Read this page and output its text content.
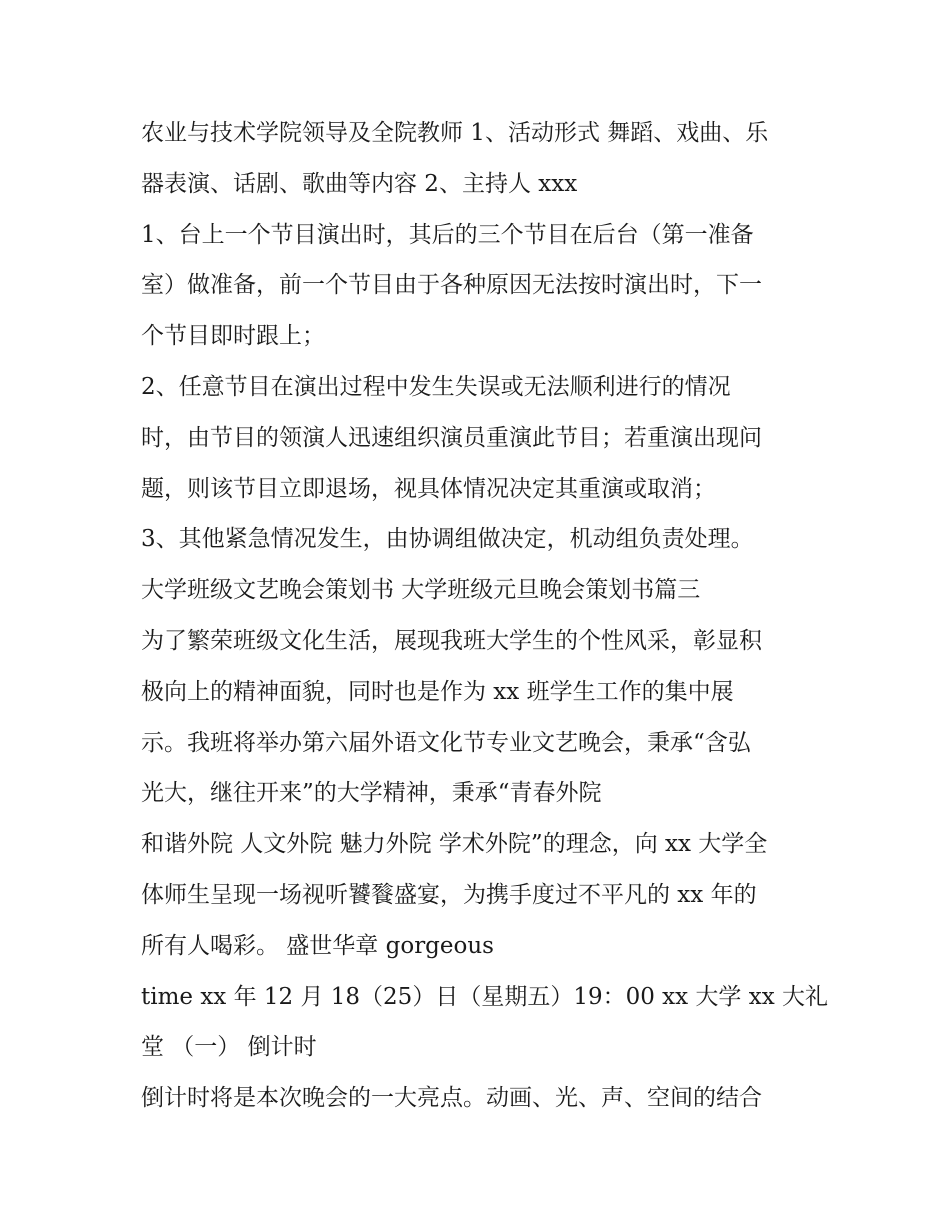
农业与技术学院领导及全院教师 1、活动形式 舞蹈、戏曲、乐
器表演、话剧、歌曲等内容 2、主持人 xxx
1、台上一个节目演出时，其后的三个节目在后台（第一准备
室）做准备，前一个节目由于各种原因无法按时演出时，下一
个节目即时跟上；
2、任意节目在演出过程中发生失误或无法顺利进行的情况
时，由节目的领演人迅速组织演员重演此节目；若重演出现问
题，则该节目立即退场，视具体情况决定其重演或取消；
3、其他紧急情况发生，由协调组做决定，机动组负责处理。
大学班级文艺晚会策划书 大学班级元旦晚会策划书篇三
为了繁荣班级文化生活，展现我班大学生的个性风采，彰显积
极向上的精神面貌，同时也是作为 xx 班学生工作的集中展
示。我班将举办第六届外语文化节专业文艺晚会，秉承“含弘
光大，继往开来”的大学精神，秉承“青春外院
和谐外院 人文外院 魅力外院 学术外院”的理念，向 xx 大学全
体师生呈现一场视听饕餮盛宴，为携手度过不平凡的 xx 年的
所有人喝彩。 盛世华章 gorgeous
time xx 年 12 月 18（25）日（星期五）19：00 xx 大学 xx 大礼
堂 （一） 倒计时
倒计时将是本次晚会的一大亮点。动画、光、声、空间的结合
